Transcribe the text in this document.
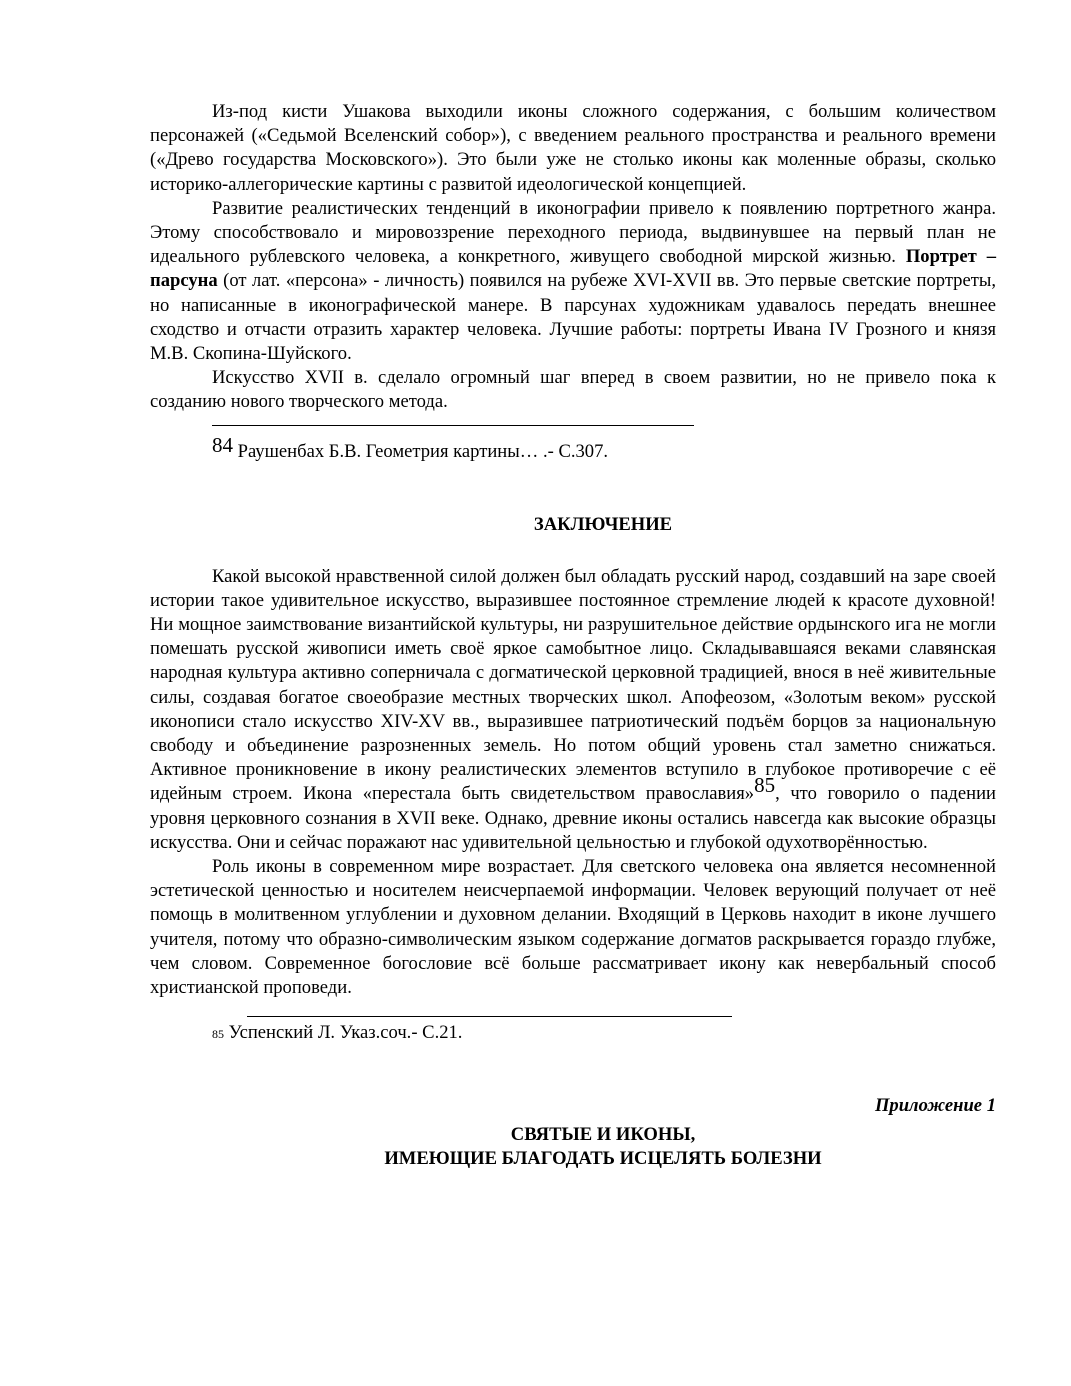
Из-под кисти Ушакова выходили иконы сложного содержания, с большим количеством персонажей («Седьмой Вселенский собор»), с введением реального пространства и реального времени («Древо государства Московского»). Это были уже не столько иконы как моленные образы, сколько историко-аллегорические картины с развитой идеологической концепцией.

Развитие реалистических тенденций в иконографии привело к появлению портретного жанра. Этому способствовало и мировоззрение переходного периода, выдвинувшее на первый план не идеального рублевского человека, а конкретного, живущего свободной мирской жизнью. Портрет – парсуна (от лат. «персона» - личность) появился на рубеже XVI-XVII вв. Это первые светские портреты, но написанные в иконографической манере. В парсунах художникам удавалось передать внешнее сходство и отчасти отразить характер человека. Лучшие работы: портреты Ивана IV Грозного и князя М.В. Скопина-Шуйского.

Искусство XVII в. сделало огромный шаг вперед в своем развитии, но не привело пока к созданию нового творческого метода.

84 Раушенбах Б.В. Геометрия картины… .- С.307.

ЗАКЛЮЧЕНИЕ

Какой высокой нравственной силой должен был обладать русский народ, создавший на заре своей истории такое удивительное искусство, выразившее постоянное стремление людей к красоте духовной! Ни мощное заимствование византийской культуры, ни разрушительное действие ордынского ига не могли помешать русской живописи иметь своё яркое самобытное лицо. Складывавшаяся веками славянская народная культура активно соперничала с догматической церковной традицией, внося в неё живительные силы, создавая богатое своеобразие местных творческих школ. Апофеозом, «Золотым веком» русской иконописи стало искусство XIV-XV вв., выразившее патриотический подъём борцов за национальную свободу и объединение разрозненных земель. Но потом общий уровень стал заметно снижаться. Активное проникновение в икону реалистических элементов вступило в глубокое противоречие с её идейным строем. Икона «перестала быть свидетельством православия»85, что говорило о падении уровня церковного сознания в XVII веке. Однако, древние иконы остались навсегда как высокие образцы искусства. Они и сейчас поражают нас удивительной цельностью и глубокой одухотворённостью.

Роль иконы в современном мире возрастает. Для светского человека она является несомненной эстетической ценностью и носителем неисчерпаемой информации. Человек верующий получает от неё помощь в молитвенном углублении и духовном делании. Входящий в Церковь находит в иконе лучшего учителя, потому что образно-символическим языком содержание догматов раскрывается гораздо глубже, чем словом. Современное богословие всё больше рассматривает икону как невербальный способ христианской проповеди.

85 Успенский Л. Указ.соч.- С.21.

Приложение 1

СВЯТЫЕ И ИКОНЫ,

ИМЕЮЩИЕ БЛАГОДАТЬ ИСЦЕЛЯТЬ БОЛЕЗНИ
